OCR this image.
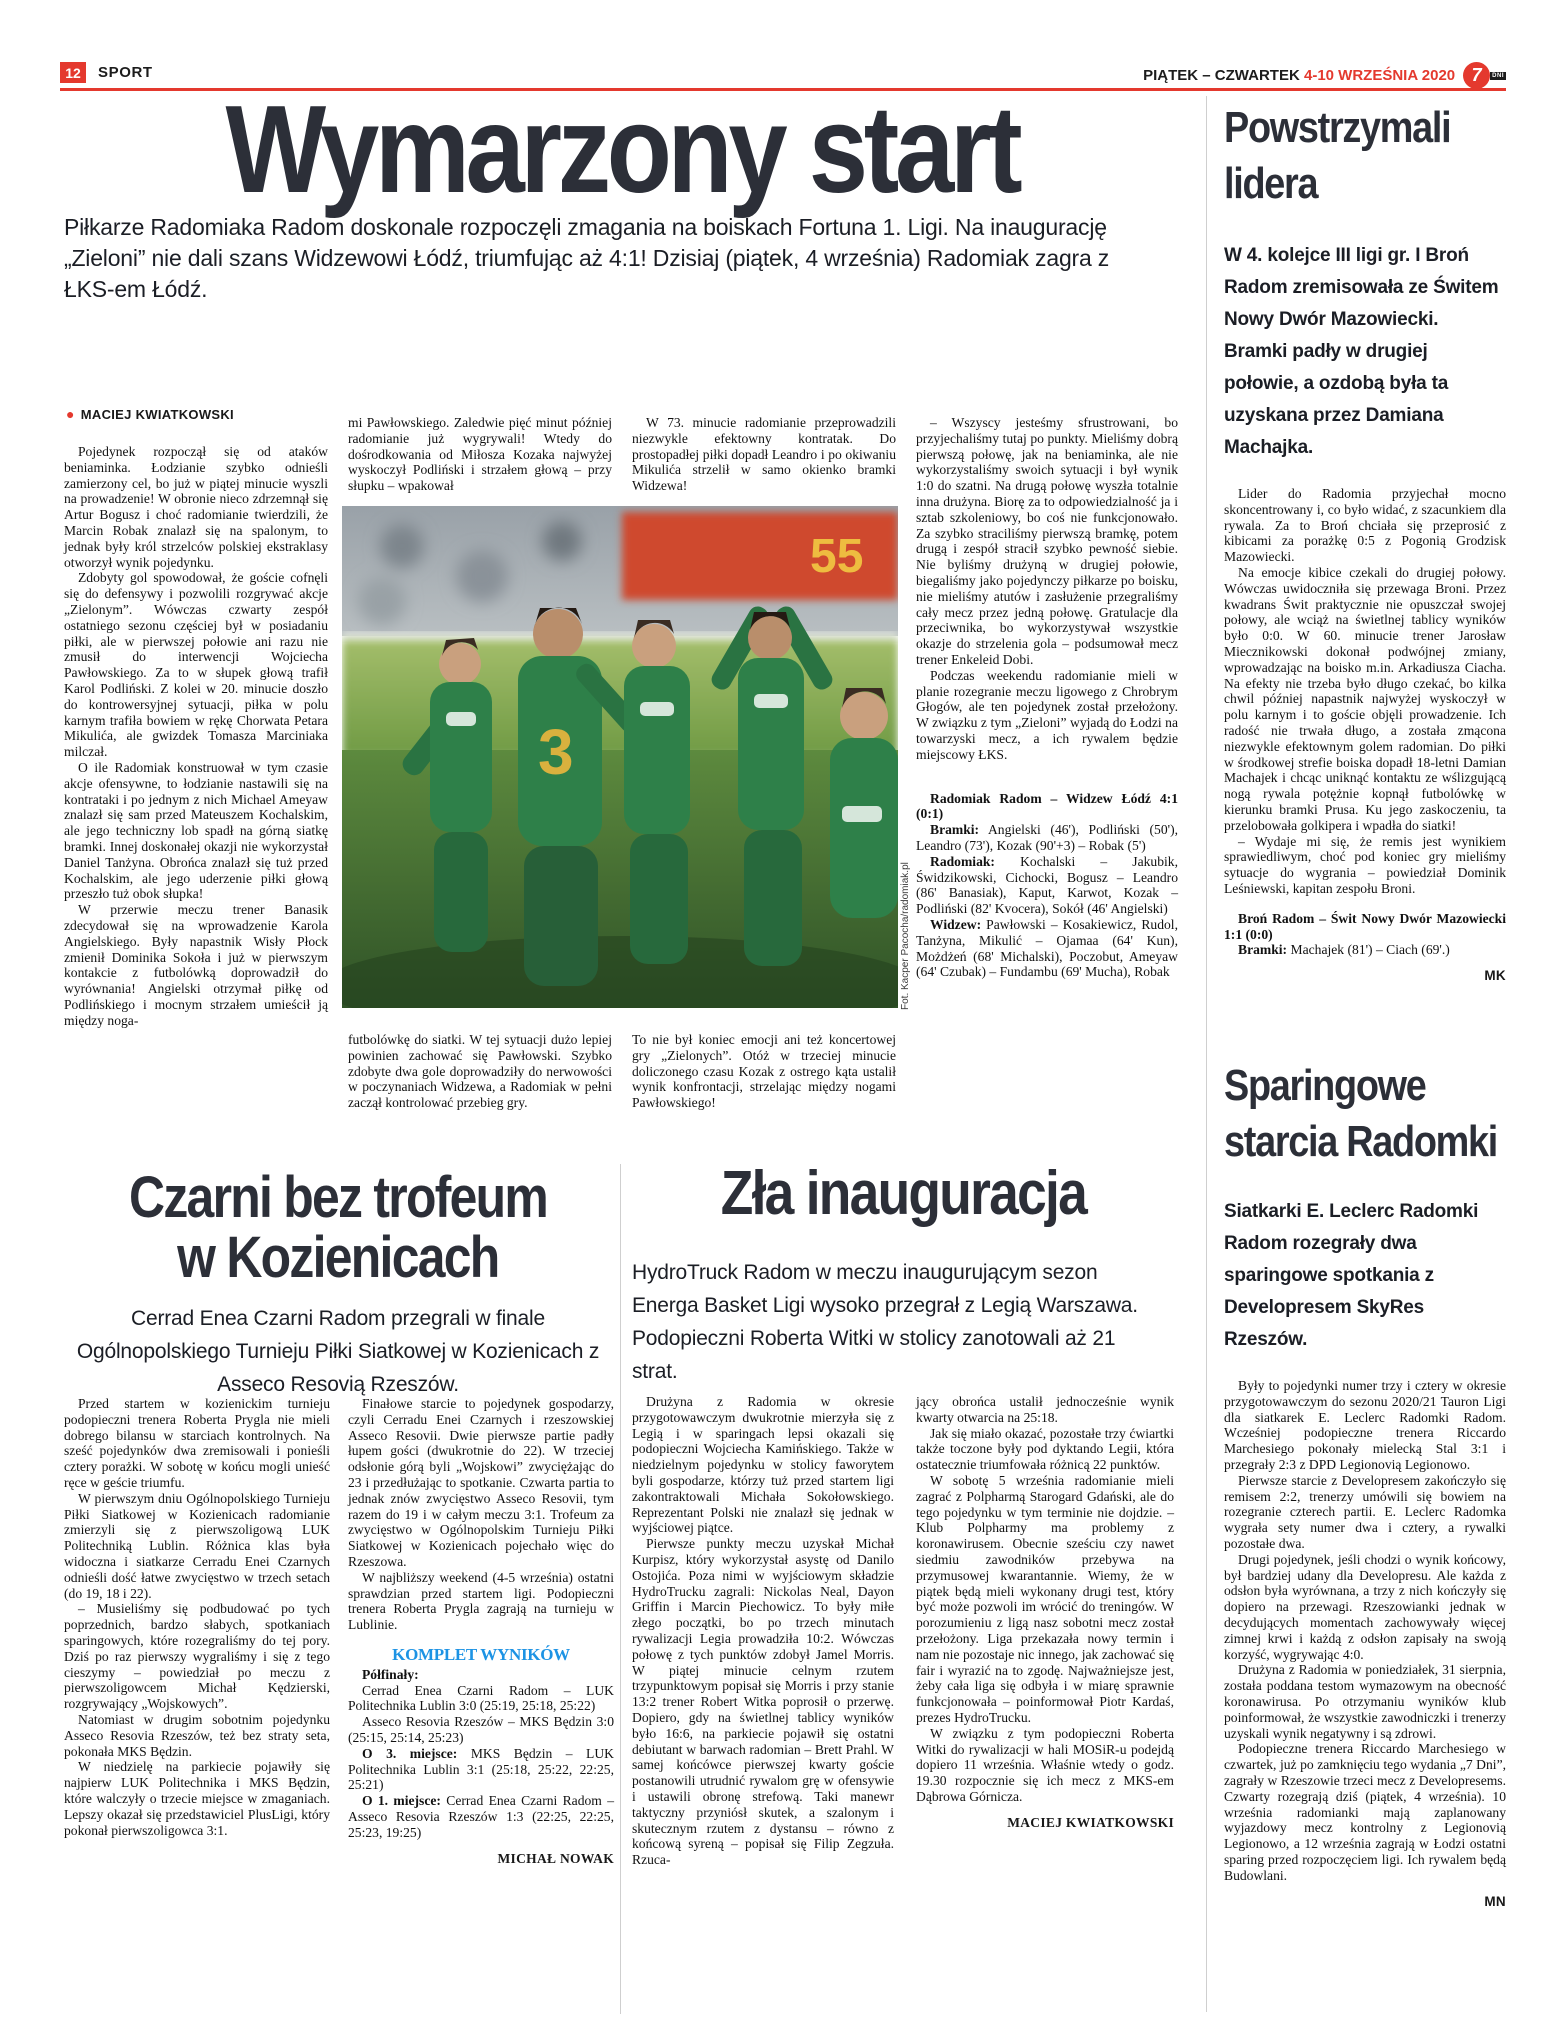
12	SPORT	PIĄTEK – CZWARTEK 4-10 WRZEŚNIA 2020 7	DNI
Wymarzony start
Piłkarze Radomiaka Radom doskonale rozpoczęli zmagania na boiskach Fortuna 1. Ligi. Na inaugurację „Zieloni” nie dali szans Widzewowi Łódź, triumfując aż 4:1! Dzisiaj (piątek, 4 września) Radomiak zagra z ŁKS-em Łódź.
● MACIEJ KWIATKOWSKI

Pojedynek rozpoczął się od ataków beniaminka. Łodzianie szybko odnieśli zamierzony cel, bo już w piątej minucie wyszli na prowadzenie! W obronie nieco zdrzemnął się Artur Bogusz i choć radomianie twierdzili, że Marcin Robak znalazł się na spalonym, to jednak były król strzelców polskiej ekstraklasy otworzył wynik pojedynku.

Zdobyty gol spowodował, że goście cofnęli się do defensywy i pozwolili rozgrywać akcje „Zielonym”. Wówczas czwarty zespół ostatniego sezonu częściej był w posiadaniu piłki, ale w pierwszej połowie ani razu nie zmusił do interwencji Wojciecha Pawłowskiego. Za to w słupek głową trafił Karol Podliński. Z kolei w 20. minucie doszło do kontrowersyjnej sytuacji, piłka w polu karnym trafiła bowiem w rękę Chorwata Petara Mikulića, ale gwizdek Tomasza Marciniaka milczał.

O ile Radomiak konstruował w tym czasie akcje ofensywne, to łodzianie nastawili się na kontrataki i po jednym z nich Michael Ameyaw znalazł się sam przed Mateuszem Kochalskim, ale jego techniczny lob spadł na górną siatkę bramki. Innej doskonałej okazji nie wykorzystał Daniel Tanżyna. Obrońca znalazł się tuż przed Kochalskim, ale jego uderzenie piłki głową przeszło tuż obok słupka!

W przerwie meczu trener Banasik zdecydował się na wprowadzenie Karola Angielskiego. Były napastnik Wisły Płock zmienił Dominika Sokoła i już w pierwszym kontakcie z futbolówką doprowadził do wyrównania! Angielski otrzymał piłkę od Podlińskiego i mocnym strzałem umieścił ją między noga-

mi Pawłowskiego. Zaledwie pięć minut później radomianie już wygrywali! Wtedy do dośrodkowania od Miłosza Kozaka najwyżej wyskoczył Podliński i strzałem głową – przy słupku – wpakował

W 73. minucie radomianie przeprowadzili niezwykle efektowny kontratak. Do prostopadłej piłki dopadł Leandro i po okiwaniu Mikulića strzelił w samo okienko bramki Widzewa!

55
3
Fot. Kacper Pacocha/radomiak.pl

futbolówkę do siatki. W tej sytuacji dużo lepiej powinien zachować się Pawłowski. Szybko zdobyte dwa gole doprowadziły do nerwowości w poczynaniach Widzewa, a Radomiak w pełni zaczął kontrolować przebieg gry.

To nie był koniec emocji ani też koncertowej gry „Zielonych”. Otóż w trzeciej minucie doliczonego czasu Kozak z ostrego kąta ustalił wynik konfrontacji, strzelając między nogami Pawłowskiego!

– Wszyscy jesteśmy sfrustrowani, bo przyjechaliśmy tutaj po punkty. Mieliśmy dobrą pierwszą połowę, jak na beniaminka, ale nie wykorzystaliśmy swoich sytuacji i był wynik 1:0 do szatni. Na drugą połowę wyszła totalnie inna drużyna. Biorę za to odpowiedzialność ja i sztab szkoleniowy, bo coś nie funkcjonowało. Za szybko straciliśmy pierwszą bramkę, potem drugą i zespół stracił szybko pewność siebie. Nie byliśmy drużyną w drugiej połowie, biegaliśmy jako pojedynczy piłkarze po boisku, nie mieliśmy atutów i zasłużenie przegraliśmy cały mecz przez jedną połowę. Gratulacje dla przeciwnika, bo wykorzystywał wszystkie okazje do strzelenia gola – podsumował mecz trener Enkeleid Dobi.

Podczas weekendu radomianie mieli w planie rozegranie meczu ligowego z Chrobrym Głogów, ale ten pojedynek został przełożony. W związku z tym „Zieloni” wyjadą do Łodzi na towarzyski mecz, a ich rywalem będzie miejscowy ŁKS.

Radomiak Radom – Widzew Łódź 4:1 (0:1)

Bramki: Angielski (46'), Podliński (50'), Leandro (73'), Kozak (90'+3) – Robak (5')

Radomiak: Kochalski – Jakubik, Świdzikowski, Cichocki, Bogusz – Leandro (86' Banasiak), Kaput, Karwot, Kozak – Podliński (82' Kvocera), Sokół (46' Angielski)

Widzew: Pawłowski – Kosakiewicz, Rudol, Tanżyna, Mikulić – Ojamaa (64' Kun), Możdżeń (68' Michalski), Poczobut, Ameyaw (64' Czubak) – Fundambu (69' Mucha), Robak

Powstrzymali lidera
W 4. kolejce III ligi gr. I Broń Radom zremisowała ze Świtem Nowy Dwór Mazowiecki. Bramki padły w drugiej połowie, a ozdobą była ta uzyskana przez Damiana Machajka.

Lider do Radomia przyjechał mocno skoncentrowany i, co było widać, z szacunkiem dla rywala. Za to Broń chciała się przeprosić z kibicami za porażkę 0:5 z Pogonią Grodzisk Mazowiecki.

Na emocje kibice czekali do drugiej połowy. Wówczas uwidoczniła się przewaga Broni. Przez kwadrans Świt praktycznie nie opuszczał swojej połowy, ale wciąż na świetlnej tablicy wyników było 0:0. W 60. minucie trener Jarosław Miecznikowski dokonał podwójnej zmiany, wprowadzając na boisko m.in. Arkadiusza Ciacha. Na efekty nie trzeba było długo czekać, bo kilka chwil później napastnik najwyżej wyskoczył w polu karnym i to goście objęli prowadzenie. Ich radość nie trwała długo, a została zmącona niezwykle efektownym golem radomian. Do piłki w środkowej strefie boiska dopadł 18-letni Damian Machajek i chcąc uniknąć kontaktu ze wślizgującą nogą rywala potężnie kopnął futbolówkę w kierunku bramki Prusa. Ku jego zaskoczeniu, ta przelobowała golkipera i wpadła do siatki!

– Wydaje mi się, że remis jest wynikiem sprawiedliwym, choć pod koniec gry mieliśmy sytuacje do wygrania – powiedział Dominik Leśniewski, kapitan zespołu Broni.

Broń Radom – Świt Nowy Dwór Mazowiecki 1:1 (0:0)

Bramki: Machajek (81') – Ciach (69'.)

MK
Sparingowe starcia Radomki
Siatkarki E. Leclerc Radomki Radom rozegrały dwa sparingowe spotkania z Developresem SkyRes Rzeszów.

Były to pojedynki numer trzy i cztery w okresie przygotowawczym do sezonu 2020/21 Tauron Ligi dla siatkarek E. Leclerc Radomki Radom. Wcześniej podopieczne trenera Riccardo Marchesiego pokonały mielecką Stal 3:1 i przegrały 2:3 z DPD Legionovią Legionowo.

Pierwsze starcie z Developresem zakończyło się remisem 2:2, trenerzy umówili się bowiem na rozegranie czterech partii. E. Leclerc Radomka wygrała sety numer dwa i cztery, a rywalki pozostałe dwa.

Drugi pojedynek, jeśli chodzi o wynik końcowy, był bardziej udany dla Developresu. Ale każda z odsłon była wyrównana, a trzy z nich kończyły się dopiero na przewagi. Rzeszowianki jednak w decydujących momentach zachowywały więcej zimnej krwi i każdą z odsłon zapisały na swoją korzyść, wygrywając 4:0.

Drużyna z Radomia w poniedziałek, 31 sierpnia, została poddana testom wymazowym na obecność koronawirusa. Po otrzymaniu wyników klub poinformował, że wszystkie zawodniczki i trenerzy uzyskali wynik negatywny i są zdrowi.

Podopieczne trenera Riccardo Marchesiego w czwartek, już po zamknięciu tego wydania „7 Dni”, zagrały w Rzeszowie trzeci mecz z Developresems. Czwarty rozegrają dziś (piątek, 4 września). 10 września radomianki mają zaplanowany wyjazdowy mecz kontrolny z Legionovią Legionowo, a 12 września zagrają w Łodzi ostatni sparing przed rozpoczęciem ligi. Ich rywalem będą Budowlani.

MN
Czarni bez trofeum w Kozienicach
Cerrad Enea Czarni Radom przegrali w finale Ogólnopolskiego Turnieju Piłki Siatkowej w Kozienicach z Asseco Resovią Rzeszów.

Przed startem w kozienickim turnieju podopieczni trenera Roberta Prygla nie mieli dobrego bilansu w starciach kontrolnych. Na sześć pojedynków dwa zremisowali i ponieśli cztery porażki. W sobotę w końcu mogli unieść ręce w geście triumfu.

W pierwszym dniu Ogólnopolskiego Turnieju Piłki Siatkowej w Kozienicach radomianie zmierzyli się z pierwszoligową LUK Politechniką Lublin. Różnica klas była widoczna i siatkarze Cerradu Enei Czarnych odnieśli dość łatwe zwycięstwo w trzech setach (do 19, 18 i 22).

– Musieliśmy się podbudować po tych poprzednich, bardzo słabych, spotkaniach sparingowych, które rozegraliśmy do tej pory. Dziś po raz pierwszy wygraliśmy i się z tego cieszymy – powiedział po meczu z pierwszoligowcem Michał Kędzierski, rozgrywający „Wojskowych”.

Natomiast w drugim sobotnim pojedynku Asseco Resovia Rzeszów, też bez straty seta, pokonała MKS Będzin.

W niedzielę na parkiecie pojawiły się najpierw LUK Politechnika i MKS Będzin, które walczyły o trzecie miejsce w zmaganiach. Lepszy okazał się przedstawiciel PlusLigi, który pokonał pierwszoligowca 3:1.

Finałowe starcie to pojedynek gospodarzy, czyli Cerradu Enei Czarnych i rzeszowskiej Asseco Resovii. Dwie pierwsze partie padły łupem gości (dwukrotnie do 22). W trzeciej odsłonie górą byli „Wojskowi” zwyciężając do 23 i przedłużając to spotkanie. Czwarta partia to jednak znów zwycięstwo Asseco Resovii, tym razem do 19 i w całym meczu 3:1. Trofeum za zwycięstwo w Ogólnopolskim Turnieju Piłki Siatkowej w Kozienicach pojechało więc do Rzeszowa.

W najbliższy weekend (4-5 września) ostatni sprawdzian przed startem ligi. Podopieczni trenera Roberta Prygla zagrają na turnieju w Lublinie.

KOMPLET WYNIKÓW

Półfinały:

Cerrad Enea Czarni Radom – LUK Politechnika Lublin 3:0 (25:19, 25:18, 25:22)

Asseco Resovia Rzeszów – MKS Będzin 3:0 (25:15, 25:14, 25:23)

O 3. miejsce: MKS Będzin – LUK Politechnika Lublin 3:1 (25:18, 25:22, 22:25, 25:21)

O 1. miejsce: Cerrad Enea Czarni Radom – Asseco Resovia Rzeszów 1:3 (22:25, 22:25, 25:23, 19:25)

MICHAŁ NOWAK
Zła inauguracja
HydroTruck Radom w meczu inaugurującym sezon Energa Basket Ligi wysoko przegrał z Legią Warszawa. Podopieczni Roberta Witki w stolicy zanotowali aż 21 strat.

Drużyna z Radomia w okresie przygotowawczym dwukrotnie mierzyła się z Legią i w sparingach lepsi okazali się podopieczni Wojciecha Kamińskiego. Także w niedzielnym pojedynku w stolicy faworytem byli gospodarze, którzy tuż przed startem ligi zakontraktowali Michała Sokołowskiego. Reprezentant Polski nie znalazł się jednak w wyjściowej piątce.

Pierwsze punkty meczu uzyskał Michał Kurpisz, który wykorzystał asystę od Danilo Ostojića. Poza nimi w wyjściowym składzie HydroTrucku zagrali: Nickolas Neal, Dayon Griffin i Marcin Piechowicz. To były miłe złego początki, bo po trzech minutach rywalizacji Legia prowadziła 10:2. Wówczas połowę z tych punktów zdobył Jamel Morris. W piątej minucie celnym rzutem trzypunktowym popisał się Morris i przy stanie 13:2 trener Robert Witka poprosił o przerwę. Dopiero, gdy na świetlnej tablicy wyników było 16:6, na parkiecie pojawił się ostatni debiutant w barwach radomian – Brett Prahl. W samej końcówce pierwszej kwarty goście postanowili utrudnić rywalom grę w ofensywie i ustawili obronę strefową. Taki manewr taktyczny przyniósł skutek, a szalonym i skutecznym rzutem z dystansu – równo z końcową syreną – popisał się Filip Zegzuła. Rzuca-

jący obrońca ustalił jednocześnie wynik kwarty otwarcia na 25:18.

Jak się miało okazać, pozostałe trzy ćwiartki także toczone były pod dyktando Legii, która ostatecznie triumfowała różnicą 22 punktów.

W sobotę 5 września radomianie mieli zagrać z Polpharmą Starogard Gdański, ale do tego pojedynku w tym terminie nie dojdzie. – Klub Polpharmy ma problemy z koronawirusem. Obecnie sześciu czy nawet siedmiu zawodników przebywa na przymusowej kwarantannie. Wiemy, że w piątek będą mieli wykonany drugi test, który być może pozwoli im wrócić do treningów. W porozumieniu z ligą nasz sobotni mecz został przełożony. Liga przekazała nowy termin i nam nie pozostaje nic innego, jak zachować się fair i wyrazić na to zgodę. Najważniejsze jest, żeby cała liga się odbyła i w miarę sprawnie funkcjonowała – poinformował Piotr Kardaś, prezes HydroTrucku.

W związku z tym podopieczni Roberta Witki do rywalizacji w hali MOSiR-u podejdą dopiero 11 września. Właśnie wtedy o godz. 19.30 rozpocznie się ich mecz z MKS-em Dąbrowa Górnicza.

MACIEJ KWIATKOWSKI
